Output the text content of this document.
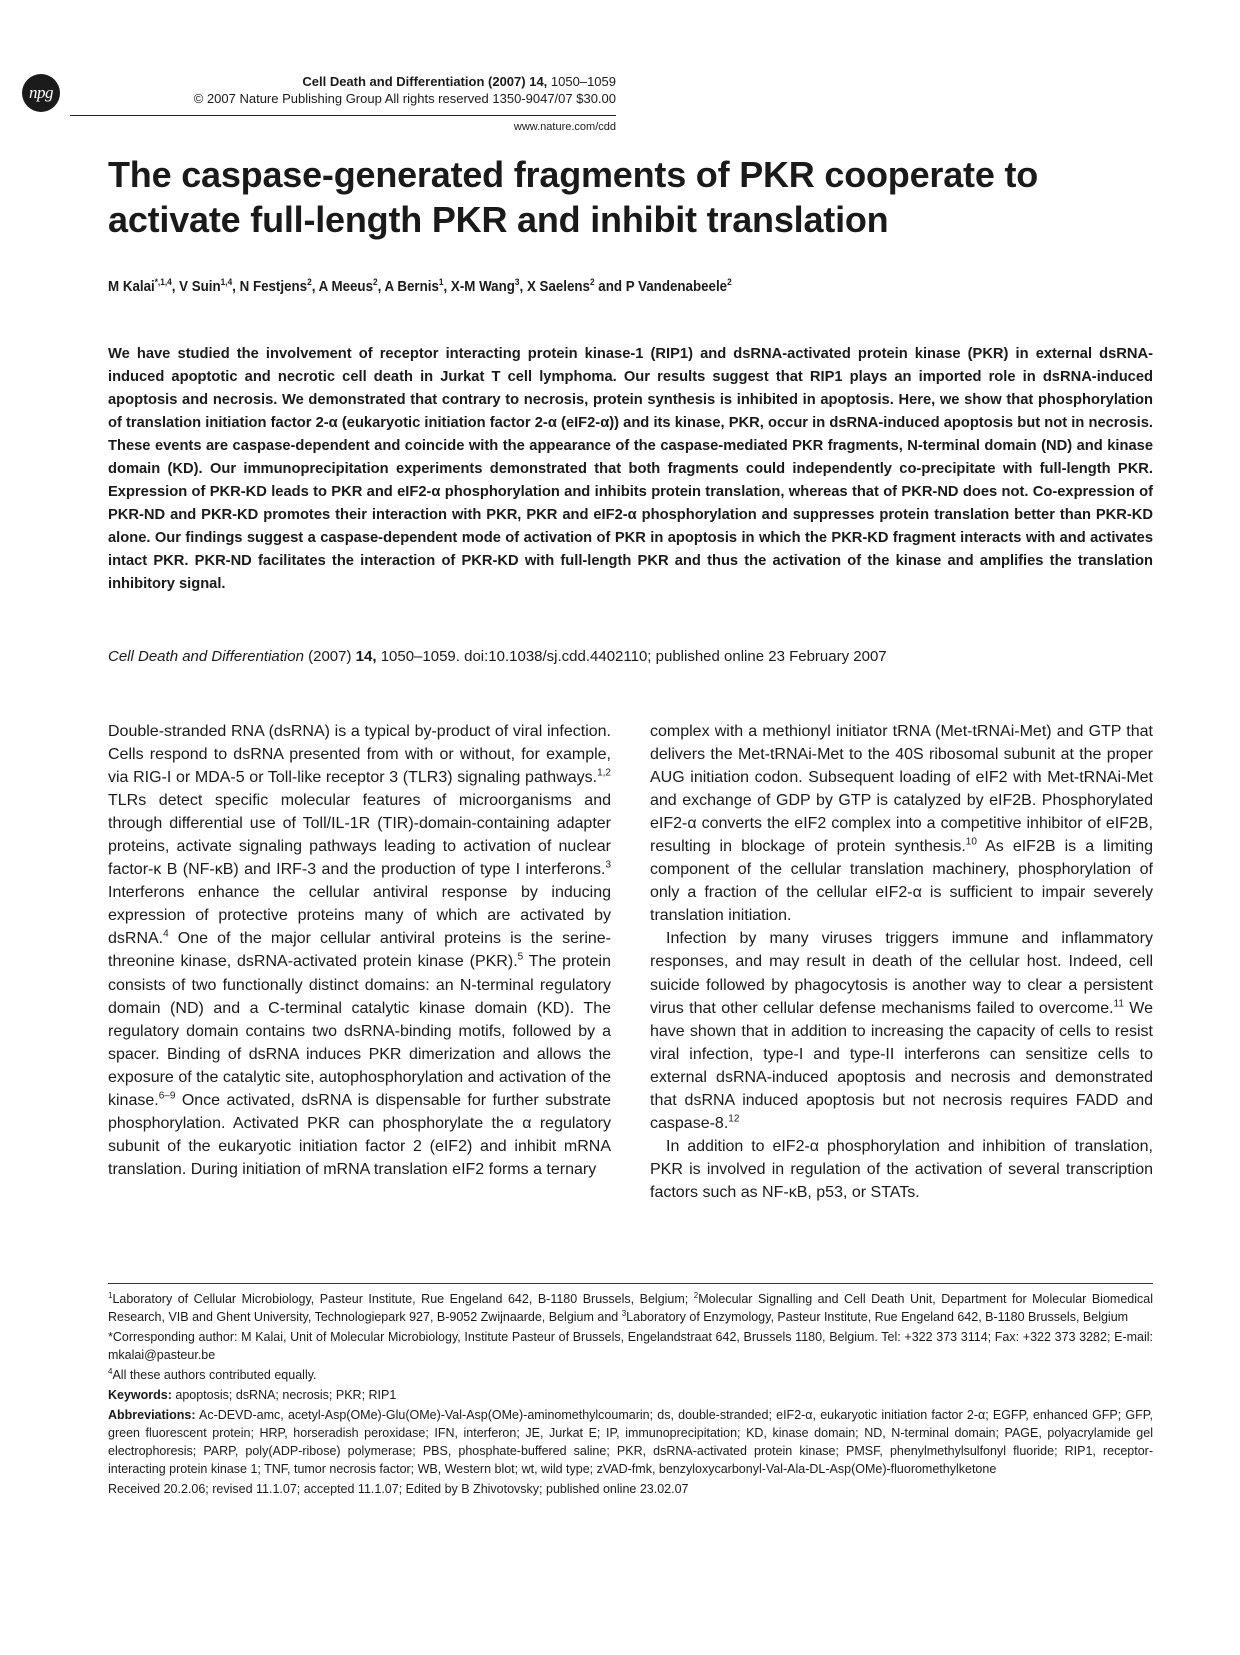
npg
Cell Death and Differentiation (2007) 14, 1050–1059
© 2007 Nature Publishing Group All rights reserved 1350-9047/07 $30.00
www.nature.com/cdd
The caspase-generated fragments of PKR cooperate to activate full-length PKR and inhibit translation
M Kalai$^{*,1,4}$, V Suin$^{1,4}$, N Festjens$^2$, A Meeus$^2$, A Bernis$^1$, X-M Wang$^3$, X Saelens$^2$ and P Vandenabeele$^2$

We have studied the involvement of receptor interacting protein kinase-1 (RIP1) and dsRNA-activated protein kinase (PKR) in external dsRNA-induced apoptotic and necrotic cell death in Jurkat T cell lymphoma. Our results suggest that RIP1 plays an imported role in dsRNA-induced apoptosis and necrosis. We demonstrated that contrary to necrosis, protein synthesis is inhibited in apoptosis. Here, we show that phosphorylation of translation initiation factor 2-α (eukaryotic initiation factor 2-α (eIF2-α)) and its kinase, PKR, occur in dsRNA-induced apoptosis but not in necrosis. These events are caspase-dependent and coincide with the appearance of the caspase-mediated PKR fragments, N-terminal domain (ND) and kinase domain (KD). Our immunoprecipitation experiments demonstrated that both fragments could independently co-precipitate with full-length PKR. Expression of PKR-KD leads to PKR and eIF2-α phosphorylation and inhibits protein translation, whereas that of PKR-ND does not. Co-expression of PKR-ND and PKR-KD promotes their interaction with PKR, PKR and eIF2-α phosphorylation and suppresses protein translation better than PKR-KD alone. Our findings suggest a caspase-dependent mode of activation of PKR in apoptosis in which the PKR-KD fragment interacts with and activates intact PKR. PKR-ND facilitates the interaction of PKR-KD with full-length PKR and thus the activation of the kinase and amplifies the translation inhibitory signal.

Cell Death and Differentiation (2007) 14, 1050–1059. doi:10.1038/sj.cdd.4402110; published online 23 February 2007

Double-stranded RNA (dsRNA) is a typical by-product of viral infection. Cells respond to dsRNA presented from with or without, for example, via RIG-I or MDA-5 or Toll-like receptor 3 (TLR3) signaling pathways.$^{1,2}$ TLRs detect specific molecular features of microorganisms and through differential use of Toll/IL-1R (TIR)-domain-containing adapter proteins, activate signaling pathways leading to activation of nuclear factor-κ B (NF-κB) and IRF-3 and the production of type I interferons.$^3$ Interferons enhance the cellular antiviral response by inducing expression of protective proteins many of which are activated by dsRNA.$^4$ One of the major cellular antiviral proteins is the serine-threonine kinase, dsRNA-activated protein kinase (PKR).$^5$ The protein consists of two functionally distinct domains: an N-terminal regulatory domain (ND) and a C-terminal catalytic kinase domain (KD). The regulatory domain contains two dsRNA-binding motifs, followed by a spacer. Binding of dsRNA induces PKR dimerization and allows the exposure of the catalytic site, autophosphorylation and activation of the kinase.$^{6-9}$ Once activated, dsRNA is dispensable for further substrate phosphorylation. Activated PKR can phosphorylate the α regulatory subunit of the eukaryotic initiation factor 2 (eIF2) and inhibit mRNA translation. During initiation of mRNA translation eIF2 forms a ternary

complex with a methionyl initiator tRNA (Met-tRNAi-Met) and GTP that delivers the Met-tRNAi-Met to the 40S ribosomal subunit at the proper AUG initiation codon. Subsequent loading of eIF2 with Met-tRNAi-Met and exchange of GDP by GTP is catalyzed by eIF2B. Phosphorylated eIF2-α converts the eIF2 complex into a competitive inhibitor of eIF2B, resulting in blockage of protein synthesis.$^{10}$ As eIF2B is a limiting component of the cellular translation machinery, phosphorylation of only a fraction of the cellular eIF2-α is sufficient to impair severely translation initiation.

Infection by many viruses triggers immune and inflammatory responses, and may result in death of the cellular host. Indeed, cell suicide followed by phagocytosis is another way to clear a persistent virus that other cellular defense mechanisms failed to overcome.$^{11}$ We have shown that in addition to increasing the capacity of cells to resist viral infection, type-I and type-II interferons can sensitize cells to external dsRNA-induced apoptosis and necrosis and demonstrated that dsRNA induced apoptosis but not necrosis requires FADD and caspase-8.12

In addition to eIF2-α phosphorylation and inhibition of translation, PKR is involved in regulation of the activation of several transcription factors such as NF-κB, p53, or STATs.

$^1$Laboratory of Cellular Microbiology, Pasteur Institute, Rue Engeland 642, B-1180 Brussels, Belgium; $^2$Molecular Signalling and Cell Death Unit, Department for Molecular Biomedical Research, VIB and Ghent University, Technologiepark 927, B-9052 Zwijnaarde, Belgium and $^3$Laboratory of Enzymology, Pasteur Institute, Rue Engeland 642, B-1180 Brussels, Belgium

*Corresponding author: M Kalai, Unit of Molecular Microbiology, Institute Pasteur of Brussels, Engelandstraat 642, Brussels 1180, Belgium. Tel: +322 373 3114; Fax: +322 373 3282; E-mail: mkalai@pasteur.be

$^4$All these authors contributed equally.

Keywords: apoptosis; dsRNA; necrosis; PKR; RIP1

Abbreviations: Ac-DEVD-amc, acetyl-Asp(OMe)-Glu(OMe)-Val-Asp(OMe)-aminomethylcoumarin; ds, double-stranded; eIF2-α, eukaryotic initiation factor 2-α; EGFP, enhanced GFP; GFP, green fluorescent protein; HRP, horseradish peroxidase; IFN, interferon; JE, Jurkat E; IP, immunoprecipitation; KD, kinase domain; ND, N-terminal domain; PAGE, polyacrylamide gel electrophoresis; PARP, poly(ADP-ribose) polymerase; PBS, phosphate-buffered saline; PKR, dsRNA-activated protein kinase; PMSF, phenylmethylsulfonyl fluoride; RIP1, receptor-interacting protein kinase 1; TNF, tumor necrosis factor; WB, Western blot; wt, wild type; zVAD-fmk, benzyloxycarbonyl-Val-Ala-DL-Asp(OMe)-fluoromethylketone

Received 20.2.06; revised 11.1.07; accepted 11.1.07; Edited by B Zhivotovsky; published online 23.02.07
